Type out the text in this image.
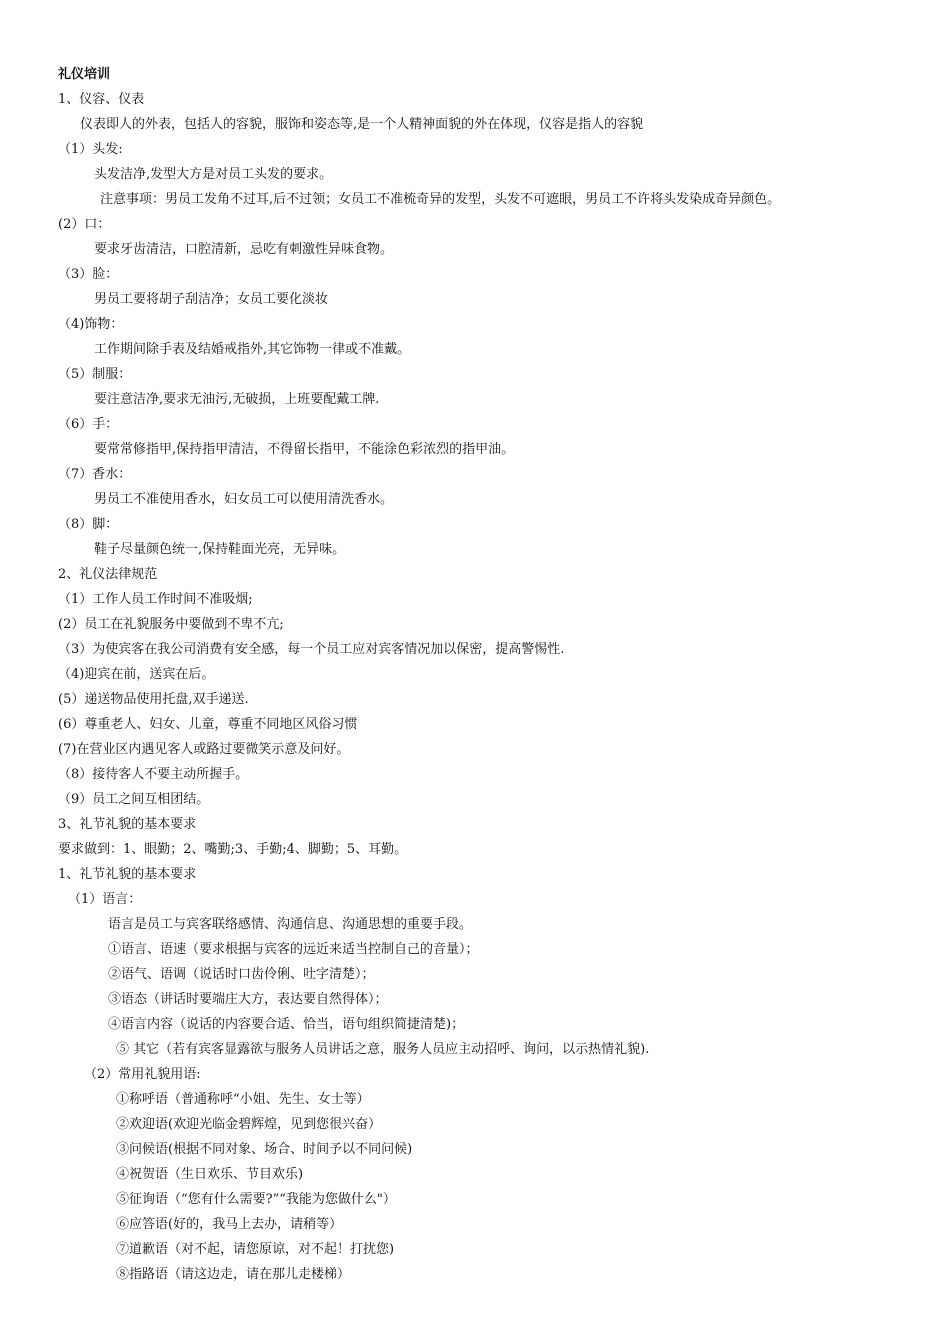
礼仪培训
1、仪容、仪表
仪表即人的外表，包括人的容貌，服饰和姿态等,是一个人精神面貌的外在体现，仪容是指人的容貌
（1）头发:
头发洁净,发型大方是对员工头发的要求。
注意事项：男员工发角不过耳,后不过领；女员工不准梳奇异的发型，头发不可遮眼，男员工不许将头发染成奇异颜色。
(2）口：
要求牙齿清洁，口腔清新，忌吃有刺激性异味食物。
（3）脸：
男员工要将胡子刮洁净；女员工要化淡妆
（4)饰物：
工作期间除手表及结婚戒指外,其它饰物一律或不准戴。
（5）制服：
要注意洁净,要求无油污,无破损，上班要配戴工牌.
（6）手：
要常常修指甲,保持指甲清洁，不得留长指甲，不能涂色彩浓烈的指甲油。
（7）香水：
男员工不准使用香水，妇女员工可以使用清洗香水。
（8）脚：
鞋子尽量颜色统一,保持鞋面光亮，无异味。
2、礼仪法律规范
（1）工作人员工作时间不准吸烟;
(2）员工在礼貌服务中要做到不卑不亢;
（3）为使宾客在我公司消费有安全感，每一个员工应对宾客情况加以保密，提高警惕性.
（4)迎宾在前，送宾在后。
(5）递送物品使用托盘,双手递送.
(6）尊重老人、妇女、儿童，尊重不同地区风俗习惯
(7)在营业区内遇见客人或路过要微笑示意及问好。
（8）接待客人不要主动所握手。
（9）员工之间互相团结。
3、礼节礼貌的基本要求
要求做到：1、眼勤；2、嘴勤;3、手勤;4、脚勤；5、耳勤。
1、礼节礼貌的基本要求
（1）语言：
语言是员工与宾客联络感情、沟通信息、沟通思想的重要手段。
①语言、语速（要求根据与宾客的远近来适当控制自己的音量）；
②语气、语调（说话时口齿伶俐、吐字清楚）；
③语态（讲话时要端庄大方，表达要自然得体）；
④语言内容（说话的内容要合适、恰当，语句组织简捷清楚)；
⑤ 其它（若有宾客显露欲与服务人员讲话之意，服务人员应主动招呼、询问，以示热情礼貌).
（2）常用礼貌用语:
①称呼语（普通称呼“小姐、先生、女士等）
②欢迎语(欢迎光临金碧辉煌，见到您很兴奋）
③问候语(根据不同对象、场合、时间予以不同问候)
④祝贺语（生日欢乐、节目欢乐)
⑤征询语（“您有什么需要?”“我能为您做什么"）
⑥应答语(好的，我马上去办，请稍等）
⑦道歉语（对不起，请您原谅，对不起！打扰您)
⑧指路语（请这边走，请在那儿走楼梯）
